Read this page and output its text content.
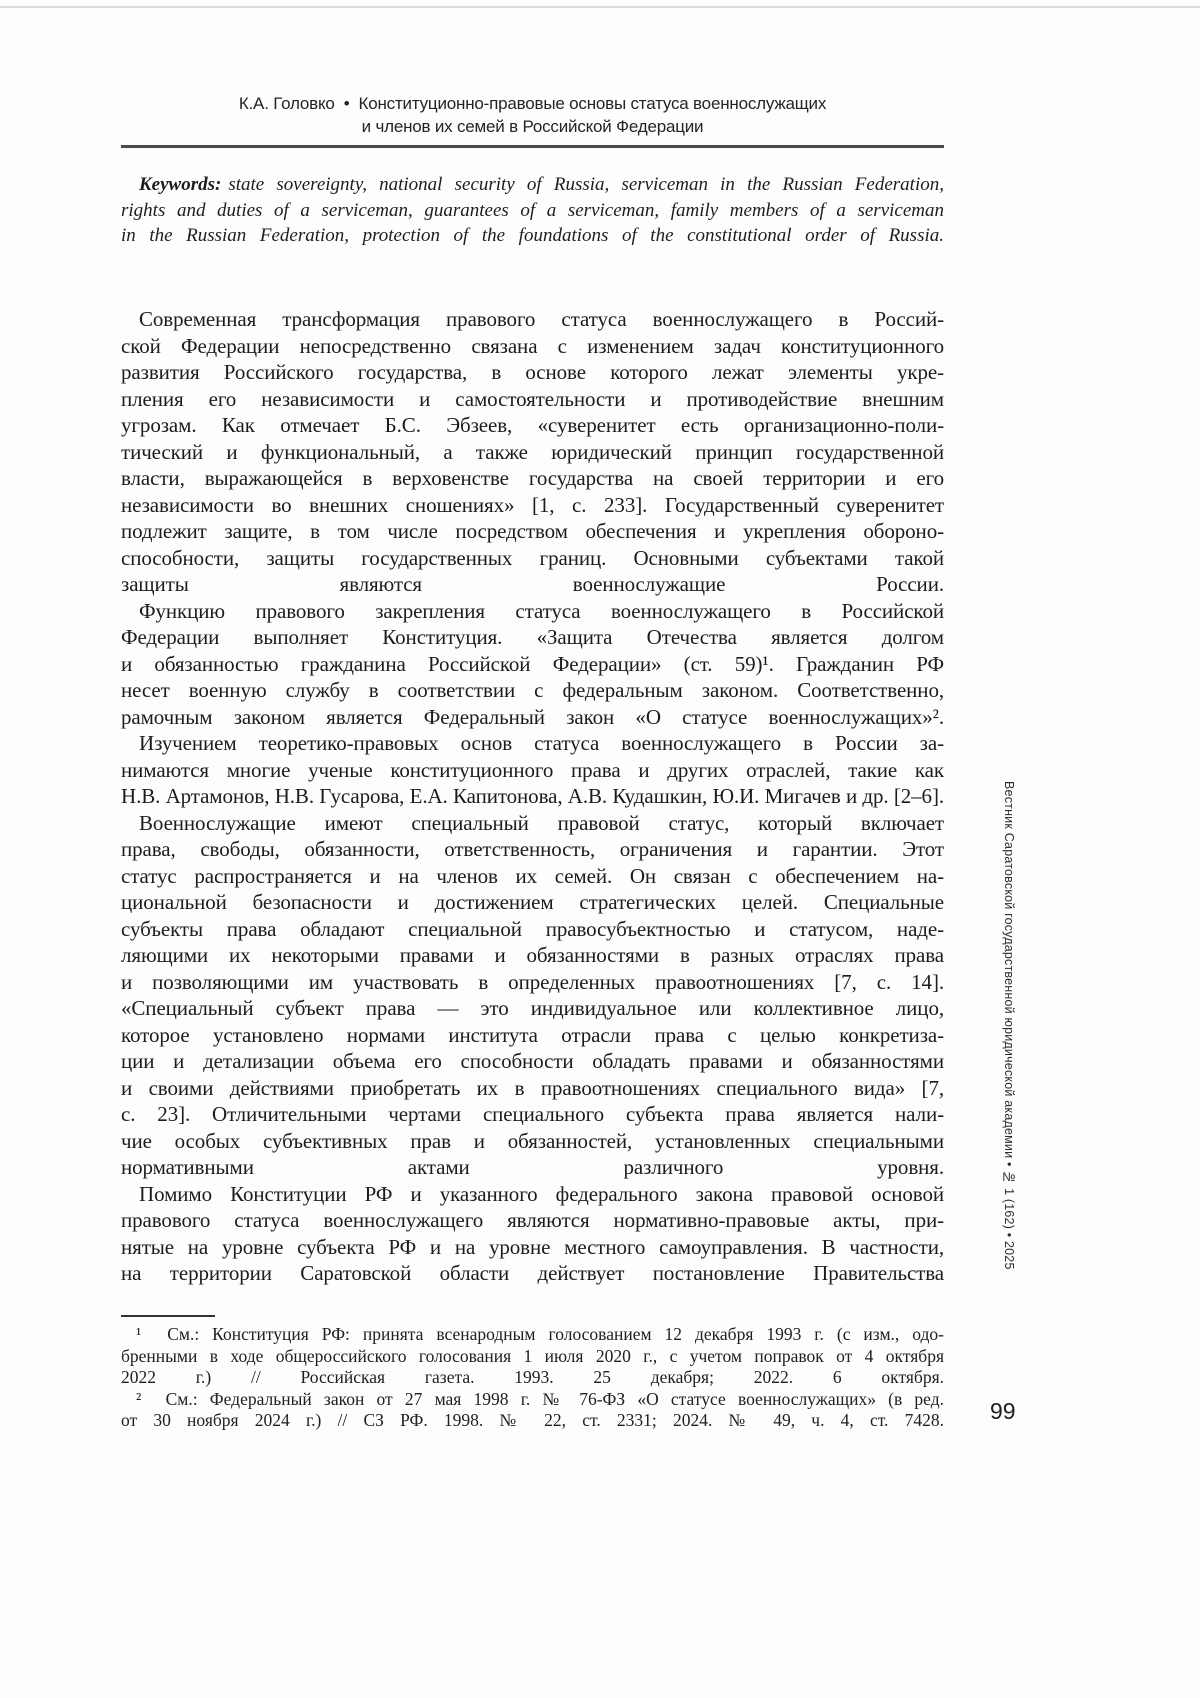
К.А. Головко  •  Конституционно-правовые основы статуса военнослужащих
и членов их семей в Российской Федерации
Keywords: state sovereignty, national security of Russia, serviceman in the Russian Federation,
rights and duties of a serviceman, guarantees of a serviceman, family members of a serviceman
in the Russian Federation, protection of the foundations of the constitutional order of Russia.
Современная трансформация правового статуса военнослужащего в Россий-
ской Федерации непосредственно связана с изменением задач конституционного
развития Российского государства, в основе которого лежат элементы укре-
пления его независимости и самостоятельности и противодействие внешним
угрозам. Как отмечает Б.С. Эбзеев, «суверенитет есть организационно-поли-
тический и функциональный, а также юридический принцип государственной
власти, выражающейся в верховенстве государства на своей территории и его
независимости во внешних сношениях» [1, с. 233]. Государственный суверенитет
подлежит защите, в том числе посредством обеспечения и укрепления обороно-
способности, защиты государственных границ. Основными субъектами такой
защиты являются военнослужащие России.
Функцию правового закрепления статуса военнослужащего в Российской
Федерации выполняет Конституция. «Защита Отечества является долгом
и обязанностью гражданина Российской Федерации» (ст. 59)¹. Гражданин РФ
несет военную службу в соответствии с федеральным законом. Соответственно,
рамочным законом является Федеральный закон «О статусе военнослужащих»².
Изучением теоретико-правовых основ статуса военнослужащего в России за-
нимаются многие ученые конституционного права и других отраслей, такие как
Н.В. Артамонов, Н.В. Гусарова, Е.А. Капитонова, А.В. Кудашкин, Ю.И. Мигачев и др. [2–6].
Военнослужащие имеют специальный правовой статус, который включает
права, свободы, обязанности, ответственность, ограничения и гарантии. Этот
статус распространяется и на членов их семей. Он связан с обеспечением на-
циональной безопасности и достижением стратегических целей. Специальные
субъекты права обладают специальной правосубъектностью и статусом, наде-
ляющими их некоторыми правами и обязанностями в разных отраслях права
и позволяющими им участвовать в определенных правоотношениях [7, с. 14].
«Специальный субъект права — это индивидуальное или коллективное лицо,
которое установлено нормами института отрасли права с целью конкретиза-
ции и детализации объема его способности обладать правами и обязанностями
и своими действиями приобретать их в правоотношениях специального вида» [7,
с. 23]. Отличительными чертами специального субъекта права является нали-
чие особых субъективных прав и обязанностей, установленных специальными
нормативными актами различного уровня.
Помимо Конституции РФ и указанного федерального закона правовой основой
правового статуса военнослужащего являются нормативно-правовые акты, при-
нятые на уровне субъекта РФ и на уровне местного самоуправления. В частности,
на территории Саратовской области действует постановление Правительства
¹  См.: Конституция РФ: принята всенародным голосованием 12 декабря 1993 г. (с изм., одо-
бренными в ходе общероссийского голосования 1 июля 2020 г., с учетом поправок от 4 октября
2022 г.) // Российская газета. 1993. 25 декабря; 2022. 6 октября.
²  См.: Федеральный закон от 27 мая 1998 г. № 76-ФЗ «О статусе военнослужащих» (в ред.
от 30 ноября 2024 г.) // СЗ РФ. 1998. № 22, ст. 2331; 2024. № 49, ч. 4, ст. 7428.
Вестник Саратовской государственной юридической академии • № 1 (162) • 2025
99
